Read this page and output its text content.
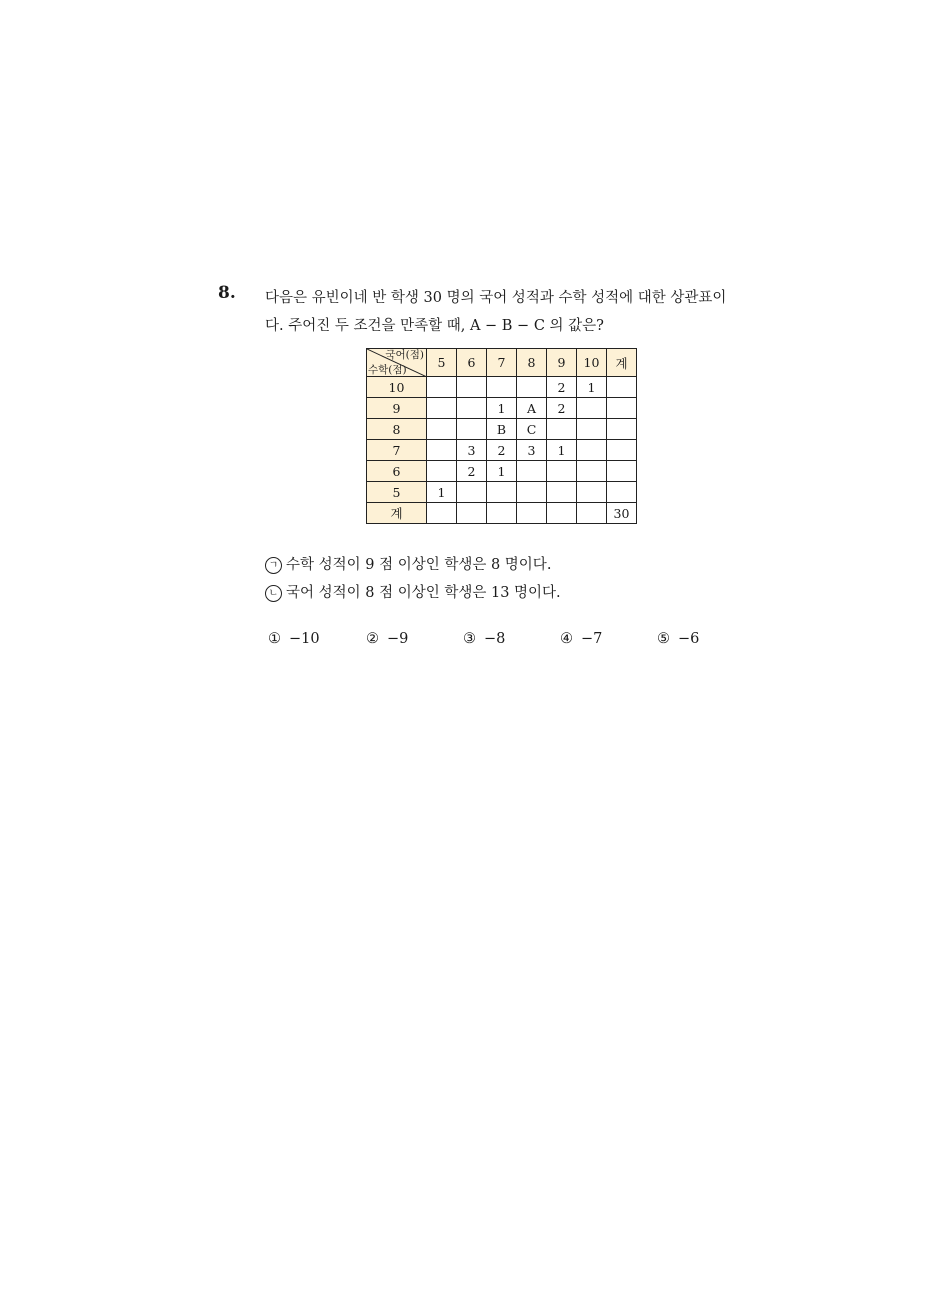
8. 다음은 유빈이네 반 학생 30 명의 국어 성적과 수학 성적에 대한 상관표이
다. 주어진 두 조건을 만족할 때, A − B − C 의 값은?
국어(점)
수학(점)	5	6	7	8	9	10	계
10					2	1	
9			1	A	2		
8			B	C			
7		3	2	3	1		
6		2	1				
5	1						
계							30
ㄱ 수학 성적이 9 점 이상인 학생은 8 명이다.
ㄴ 국어 성적이 8 점 이상인 학생은 13 명이다.
① −10	② −9	③ −8	④ −7	⑤ −6
